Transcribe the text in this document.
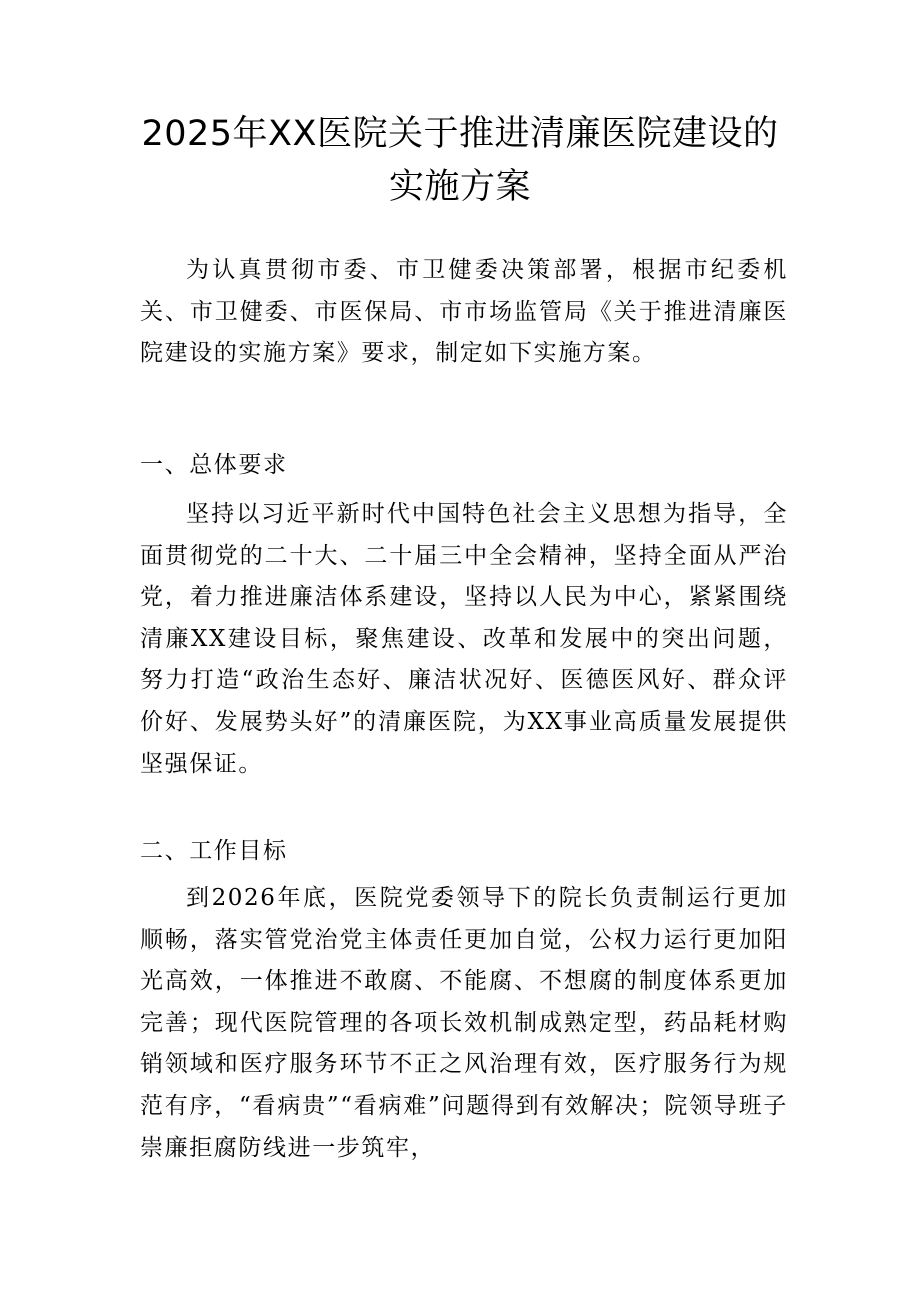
2025年XX医院关于推进清廉医院建设的实施方案

为认真贯彻市委、市卫健委决策部署，根据市纪委机关、市卫健委、市医保局、市市场监管局《关于推进清廉医院建设的实施方案》要求，制定如下实施方案。

一、总体要求

坚持以习近平新时代中国特色社会主义思想为指导，全面贯彻党的二十大、二十届三中全会精神，坚持全面从严治党，着力推进廉洁体系建设，坚持以人民为中心，紧紧围绕清廉XX建设目标，聚焦建设、改革和发展中的突出问题，努力打造“政治生态好、廉洁状况好、医德医风好、群众评价好、发展势头好”的清廉医院，为XX事业高质量发展提供坚强保证。

二、工作目标

到2026年底，医院党委领导下的院长负责制运行更加顺畅，落实管党治党主体责任更加自觉，公权力运行更加阳光高效，一体推进不敢腐、不能腐、不想腐的制度体系更加完善；现代医院管理的各项长效机制成熟定型，药品耗材购销领域和医疗服务环节不正之风治理有效，医疗服务行为规范有序，“看病贵”“看病难”问题得到有效解决；院领导班子崇廉拒腐防线进一步筑牢，
